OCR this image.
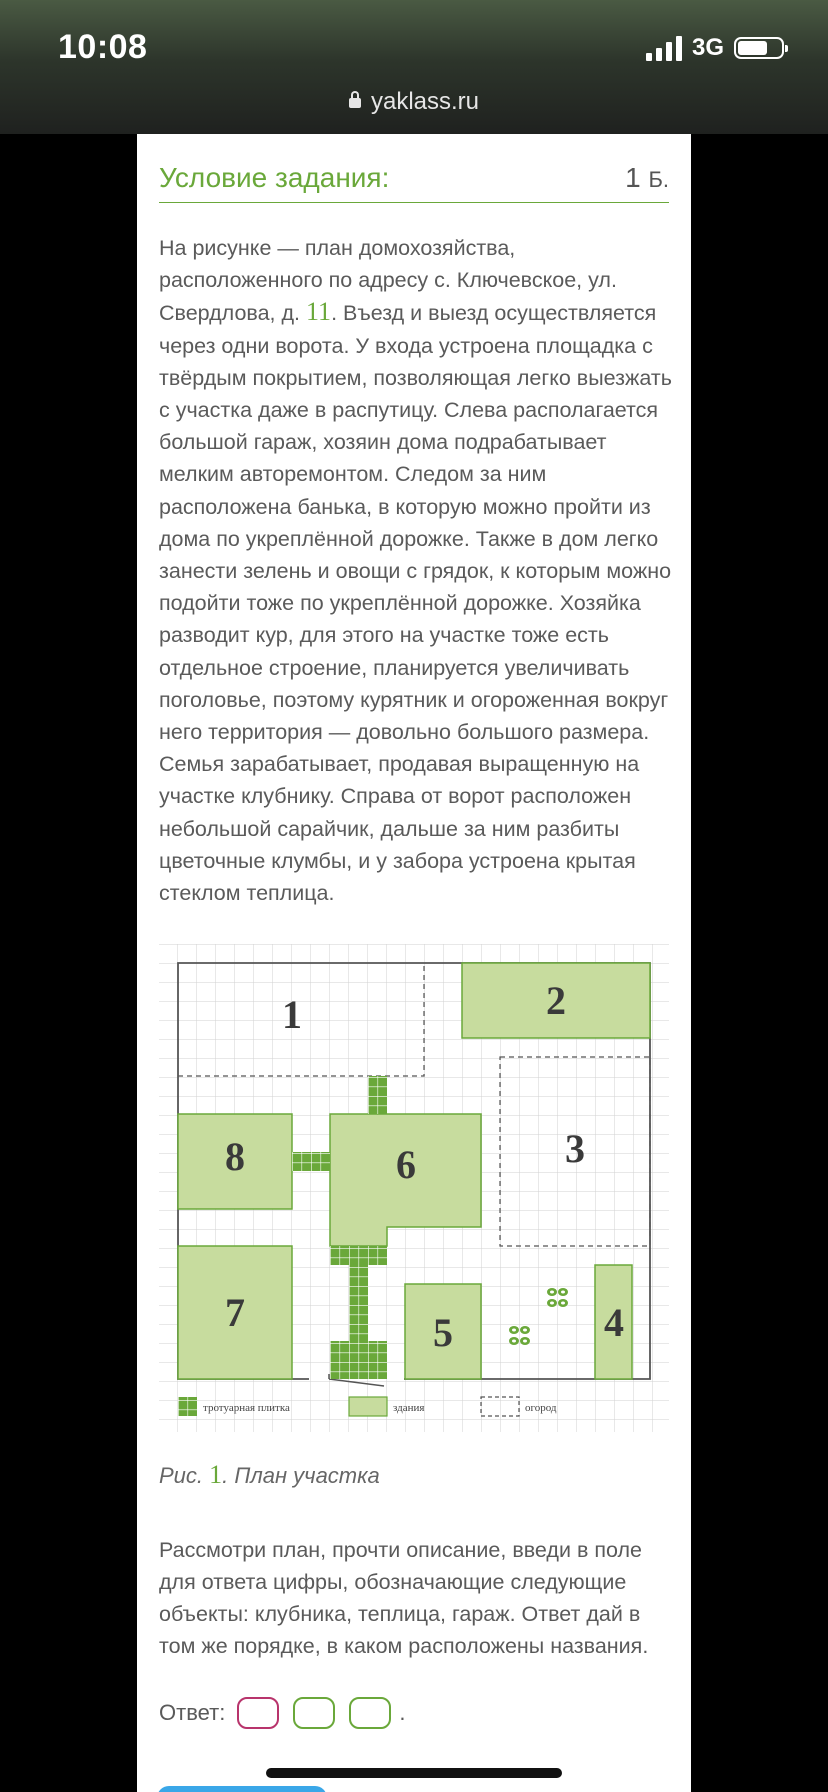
10:08	3G
yaklass.ru
Условие задания:	1 Б.
На рисунке — план домохозяйства, расположенного по адресу с. Ключевское, ул. Свердлова, д. 11. Въезд и выезд осуществляется через одни ворота. У входа устроена площадка с твёрдым покрытием, позволяющая легко выезжать с участка даже в распутицу. Слева располагается большой гараж, хозяин дома подрабатывает мелким авторемонтом. Следом за ним расположена банька, в которую можно пройти из дома по укреплённой дорожке. Также в дом легко занести зелень и овощи с грядок, к которым можно подойти тоже по укреплённой дорожке. Хозяйка разводит кур, для этого на участке тоже есть отдельное строение, планируется увеличивать поголовье, поэтому курятник и огороженная вокруг него территория — довольно большого размера. Семья зарабатывает, продавая выращенную на участке клубнику. Справа от ворот расположен небольшой сарайчик, дальше за ним разбиты цветочные клумбы, и у забора устроена крытая стеклом теплица.
1	2
3
4
5
6
7
8
тротуарная плитка	здания	огород
Рис. 1. План участка
Рассмотри план, прочти описание, введи в поле для ответа цифры, обозначающие следующие объекты: клубника, теплица, гараж. Ответ дай в том же порядке, в каком расположены названия.
Ответ:	.
